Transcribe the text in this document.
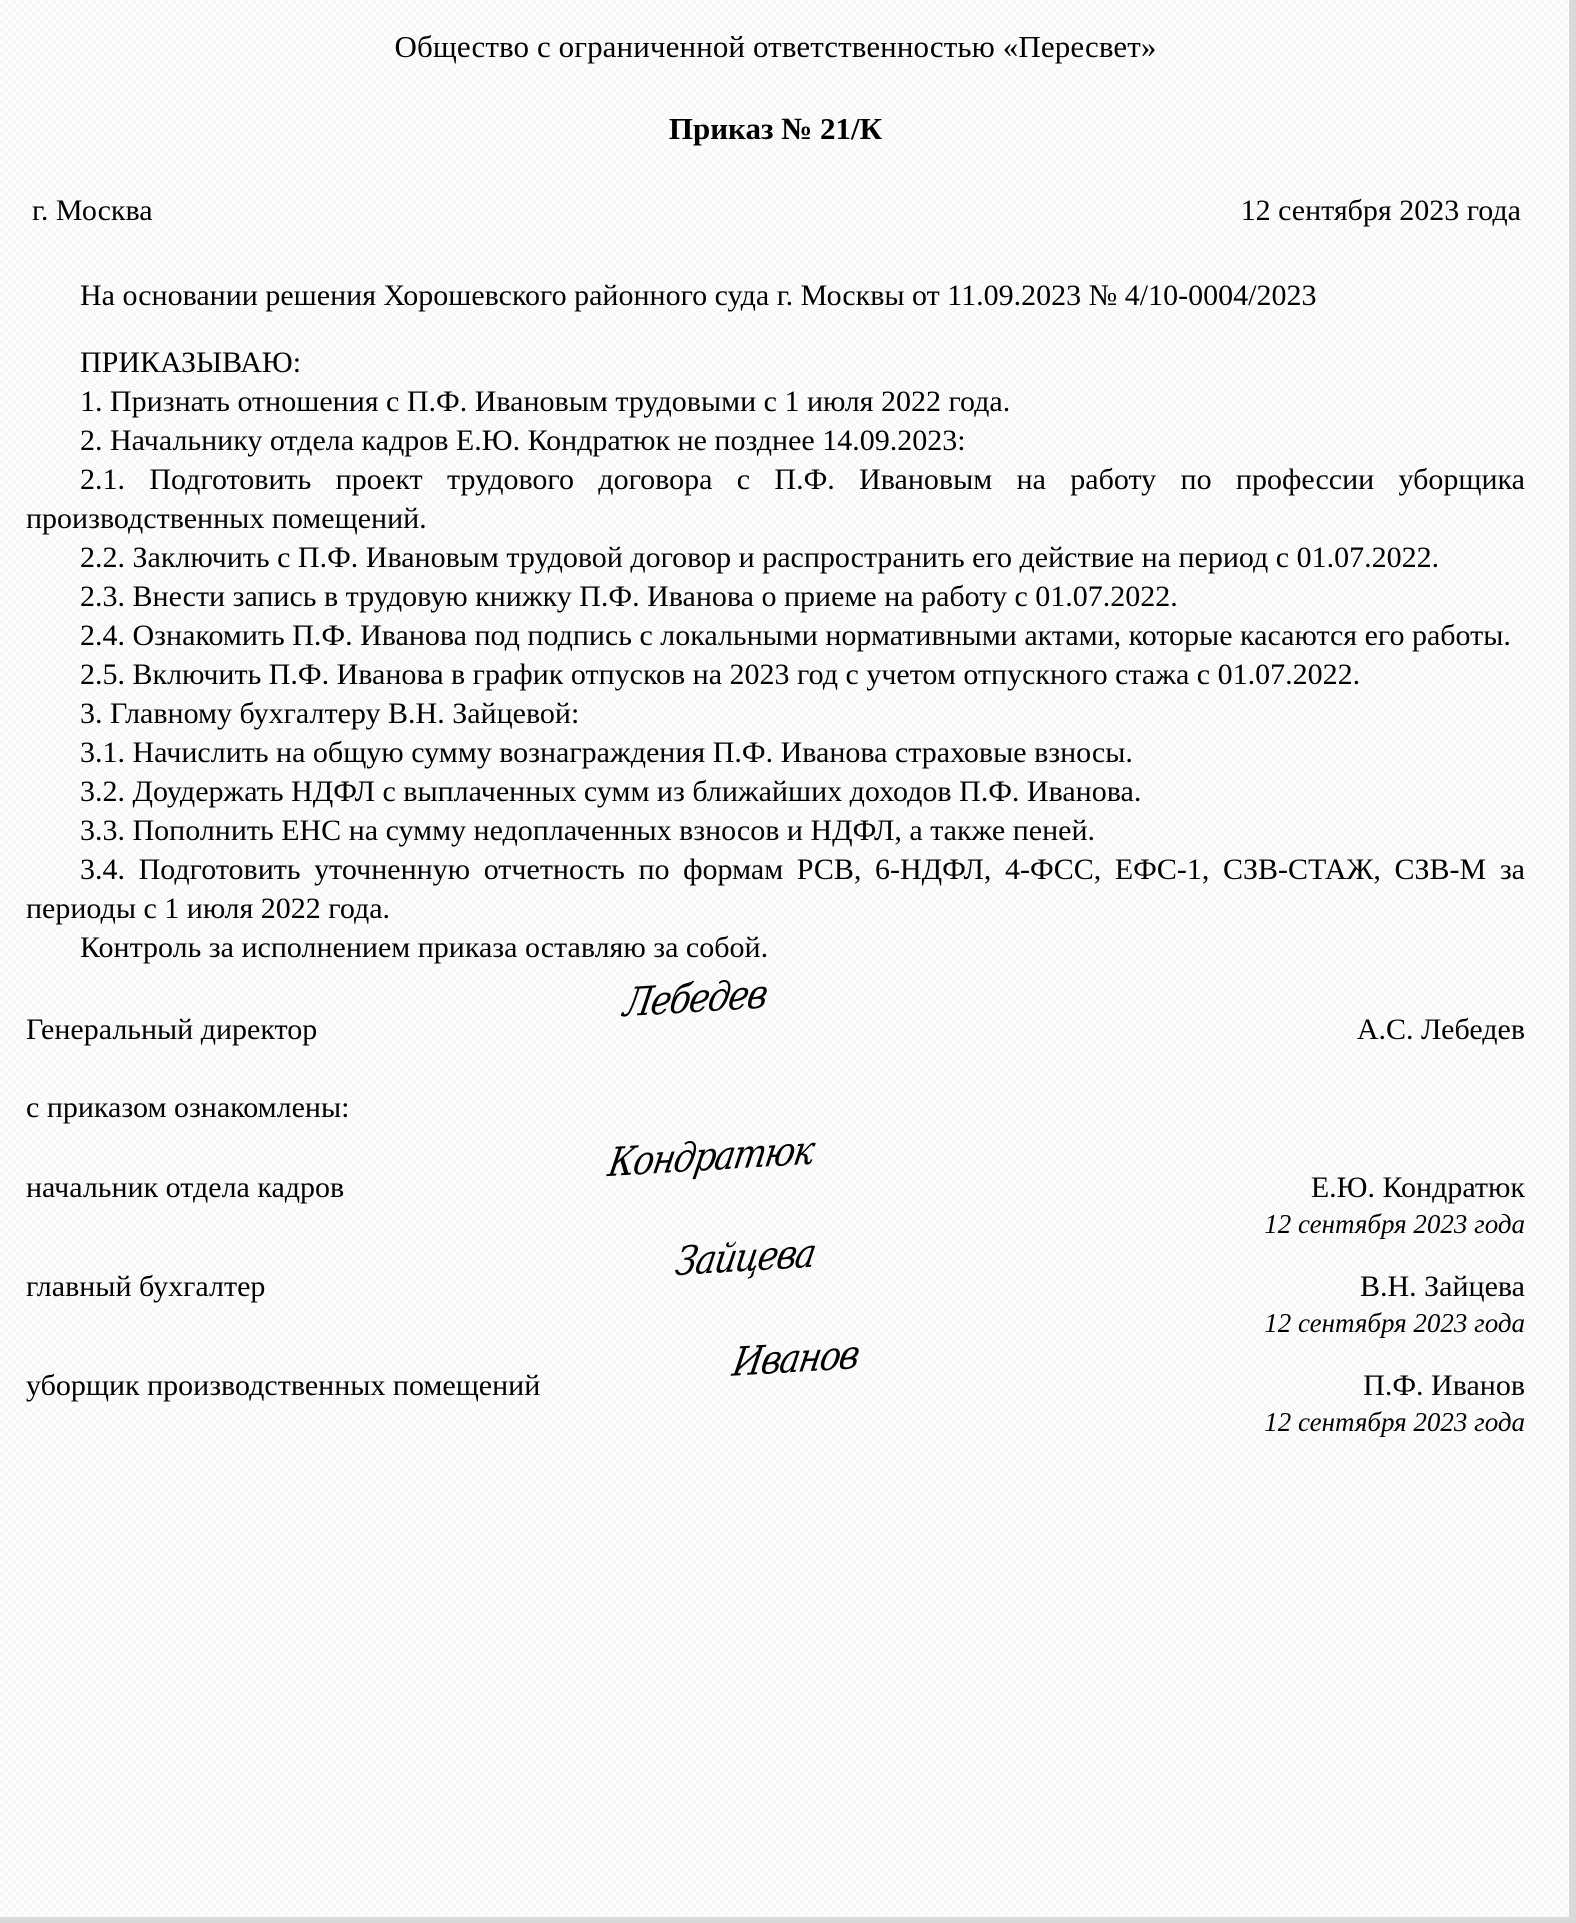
Общество с ограниченной ответственностью «Пересвет»
Приказ № 21/К
г. Москва	12 сентября 2023 года

На основании решения Хорошевского районного суда г. Москвы от 11.09.2023 № 4/10-0004/2023

ПРИКАЗЫВАЮ:

1. Признать отношения с П.Ф. Ивановым трудовыми с 1 июля 2022 года.

2. Начальнику отдела кадров Е.Ю. Кондратюк не позднее 14.09.2023:

2.1. Подготовить проект трудового договора с П.Ф. Ивановым на работу по профессии уборщика производственных помещений.

2.2. Заключить с П.Ф. Ивановым трудовой договор и распространить его действие на период с 01.07.2022.

2.3. Внести запись в трудовую книжку П.Ф. Иванова о приеме на работу с 01.07.2022.

2.4. Ознакомить П.Ф. Иванова под подпись с локальными нормативными актами, которые касаются его работы.

2.5. Включить П.Ф. Иванова в график отпусков на 2023 год с учетом отпускного стажа с 01.07.2022.

3. Главному бухгалтеру В.Н. Зайцевой:

3.1. Начислить на общую сумму вознаграждения П.Ф. Иванова страховые взносы.

3.2. Доудержать НДФЛ с выплаченных сумм из ближайших доходов П.Ф. Иванова.

3.3. Пополнить ЕНС на сумму недоплаченных взносов и НДФЛ, а также пеней.

3.4. Подготовить уточненную отчетность по формам РСВ, 6-НДФЛ, 4-ФСС, ЕФС-1, СЗВ-СТАЖ, СЗВ-М за периоды с 1 июля 2022 года.

Контроль за исполнением приказа оставляю за собой.

Генеральный директор
Лебедев
А.С. Лебедев
с приказом ознакомлены:
начальник отдела кадров
Кондратюк
Е.Ю. Кондратюк
12 сентября 2023 года
главный бухгалтер
Зайцева
В.Н. Зайцева
12 сентября 2023 года
уборщик производственных помещений	Иванов	П.Ф. Иванов
12 сентября 2023 года
